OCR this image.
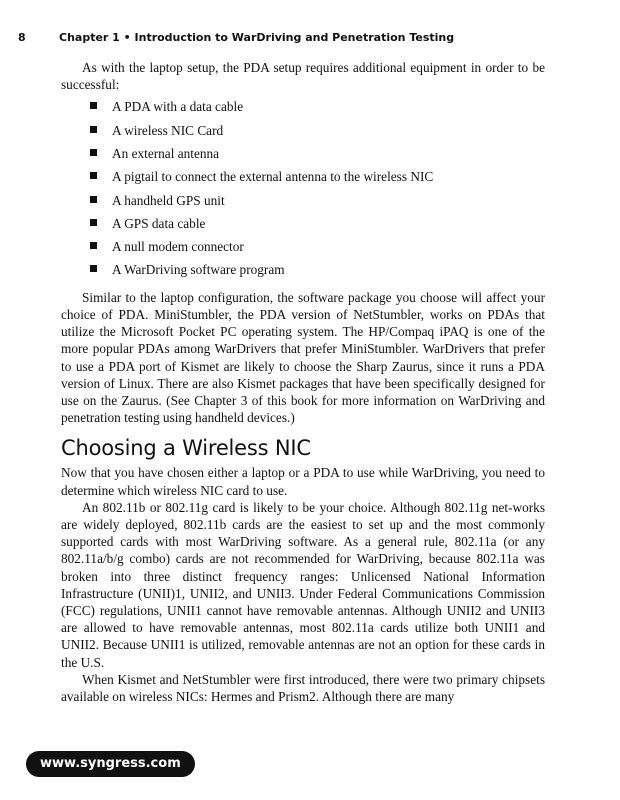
8	Chapter 1 • Introduction to WarDriving and Penetration Testing

As with the laptop setup, the PDA setup requires additional equipment in order to be successful:

A PDA with a data cable
A wireless NIC Card
An external antenna
A pigtail to connect the external antenna to the wireless NIC
A handheld GPS unit
A GPS data cable
A null modem connector
A WarDriving software program

Similar to the laptop configuration, the software package you choose will affect your choice of PDA. MiniStumbler, the PDA version of NetStumbler, works on PDAs that utilize the Microsoft Pocket PC operating system. The HP/Compaq iPAQ is one of the more popular PDAs among WarDrivers that prefer MiniStumbler. WarDrivers that prefer to use a PDA port of Kismet are likely to choose the Sharp Zaurus, since it runs a PDA version of Linux. There are also Kismet packages that have been specifically designed for use on the Zaurus. (See Chapter 3 of this book for more information on WarDriving and penetration testing using handheld devices.)

Choosing a Wireless NIC

Now that you have chosen either a laptop or a PDA to use while WarDriving, you need to determine which wireless NIC card to use.

An 802.11b or 802.11g card is likely to be your choice. Although 802.11g net-works are widely deployed, 802.11b cards are the easiest to set up and the most commonly supported cards with most WarDriving software. As a general rule, 802.11a (or any 802.11a/b/g combo) cards are not recommended for WarDriving, because 802.11a was broken into three distinct frequency ranges: Unlicensed National Information Infrastructure (UNII)1, UNII2, and UNII3. Under Federal Communications Commission (FCC) regulations, UNII1 cannot have removable antennas. Although UNII2 and UNII3 are allowed to have removable antennas, most 802.11a cards utilize both UNII1 and UNII2. Because UNII1 is utilized, removable antennas are not an option for these cards in the U.S.

When Kismet and NetStumbler were first introduced, there were two primary chipsets available on wireless NICs: Hermes and Prism2. Although there are many

www.syngress.com
